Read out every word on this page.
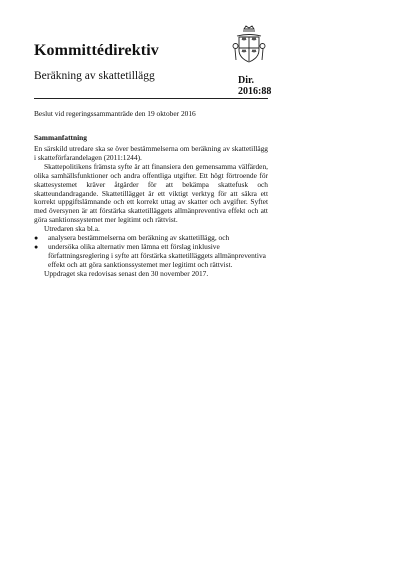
Kommittédirektiv
Beräkning av skattetillägg	Dir.
2016:88
Beslut vid regeringssammanträde den 19 oktober 2016
Sammanfattning

En särskild utredare ska se över bestämmelserna om beräkning av skattetillägg i skatteförfarandelagen (2011:1244).

Skattepolitikens främsta syfte är att finansiera den gemensamma välfärden, olika samhällsfunktioner och andra offentliga utgifter. Ett högt förtroende för skattesystemet kräver åtgärder för att bekämpa skattefusk och skatteundandragande. Skattetillägget är ett viktigt verktyg för att säkra ett korrekt uppgiftslämnande och ett korrekt uttag av skatter och avgifter. Syftet med översynen är att förstärka skattetilläggets allmänpreventiva effekt och att göra sanktionssystemet mer legitimt och rättvist.

Utredaren ska bl.a.

●	analysera bestämmelserna om beräkning av skattetillägg, och
●	undersöka olika alternativ men lämna ett förslag inklusive författningsreglering i syfte att förstärka skattetilläggets allmänpreventiva effekt och att göra sanktionssystemet mer legitimt och rättvist.

Uppdraget ska redovisas senast den 30 november 2017.
